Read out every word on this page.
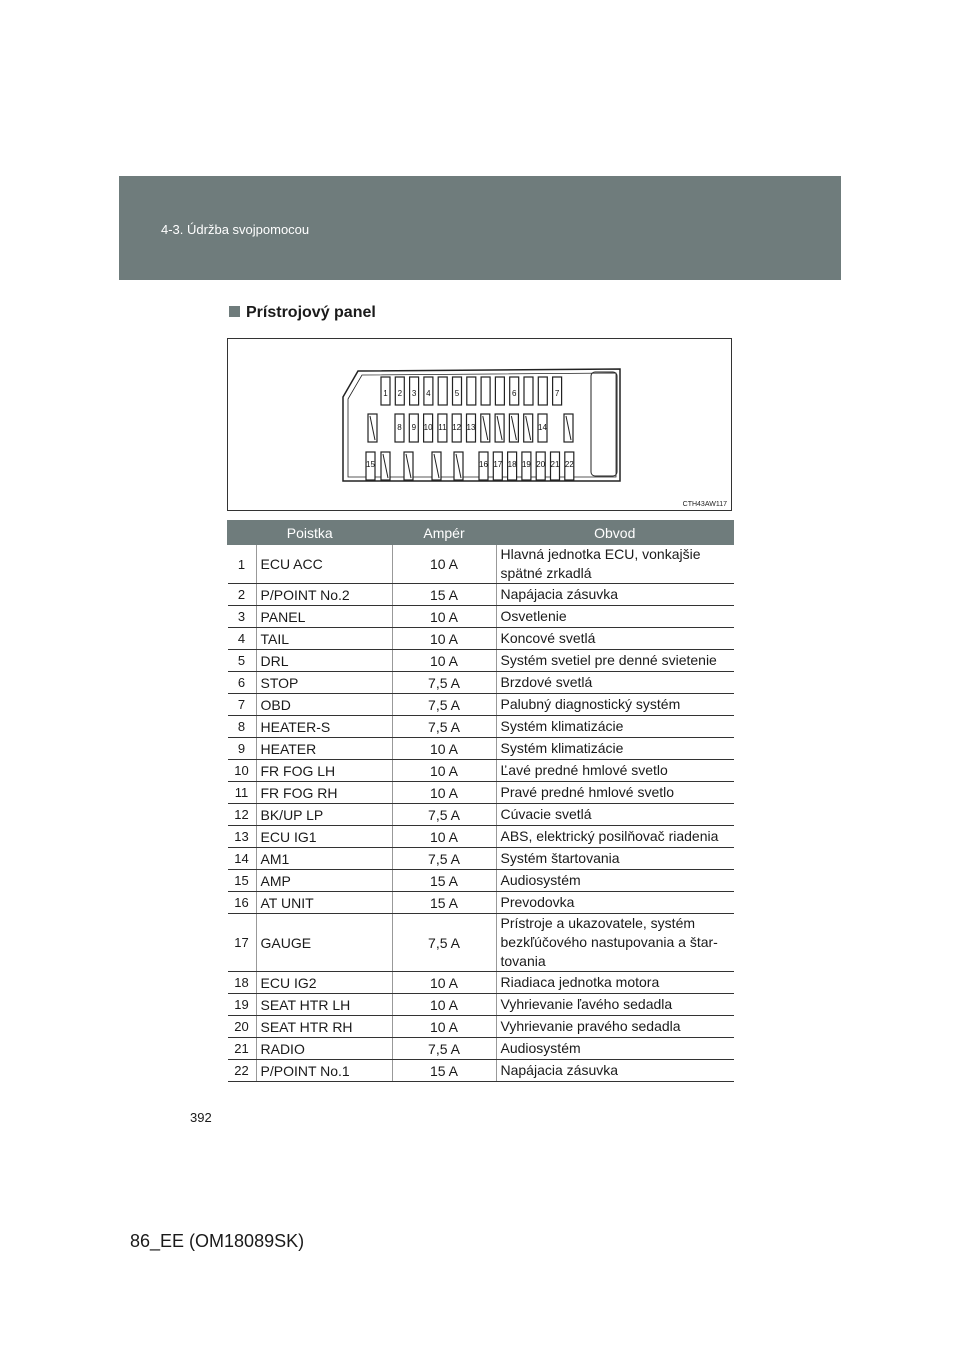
4-3. Údržba svojpomocou
Prístrojový panel
1 2 3 4	5	6	7
8 9 10 11 12 13	14
15	16 17 18 19 20 21 22
CTH43AW117
Poistka		Ampér	Obvod
1	ECU ACC	10 A	Hlavná jednotka ECU, vonkajšie spätné zrkadlá
2	P/POINT No.2	15 A	Napájacia zásuvka
3	PANEL	10 A	Osvetlenie
4	TAIL	10 A	Koncové svetlá
5	DRL	10 A	Systém svetiel pre denné svietenie
6	STOP	7,5 A	Brzdové svetlá
7	OBD	7,5 A	Palubný diagnostický systém
8	HEATER-S	7,5 A	Systém klimatizácie
9	HEATER	10 A	Systém klimatizácie
10	FR FOG LH	10 A	Ľavé predné hmlové svetlo
11	FR FOG RH	10 A	Pravé predné hmlové svetlo
12	BK/UP LP	7,5 A	Cúvacie svetlá
13	ECU IG1	10 A	ABS, elektrický posilňovač riadenia
14	AM1	7,5 A	Systém štartovania
15	AMP	15 A	Audiosystém
16	AT UNIT	15 A	Prevodovka
17	GAUGE	7,5 A	Prístroje a ukazovatele, systém bezkľúčového nastupovania a štar-tovania
18	ECU IG2	10 A	Riadiaca jednotka motora
19	SEAT HTR LH	10 A	Vyhrievanie ľavého sedadla
20	SEAT HTR RH	10 A	Vyhrievanie pravého sedadla
21	RADIO	7,5 A	Audiosystém
22	P/POINT No.1	15 A	Napájacia zásuvka
392
86_EE (OM18089SK)
